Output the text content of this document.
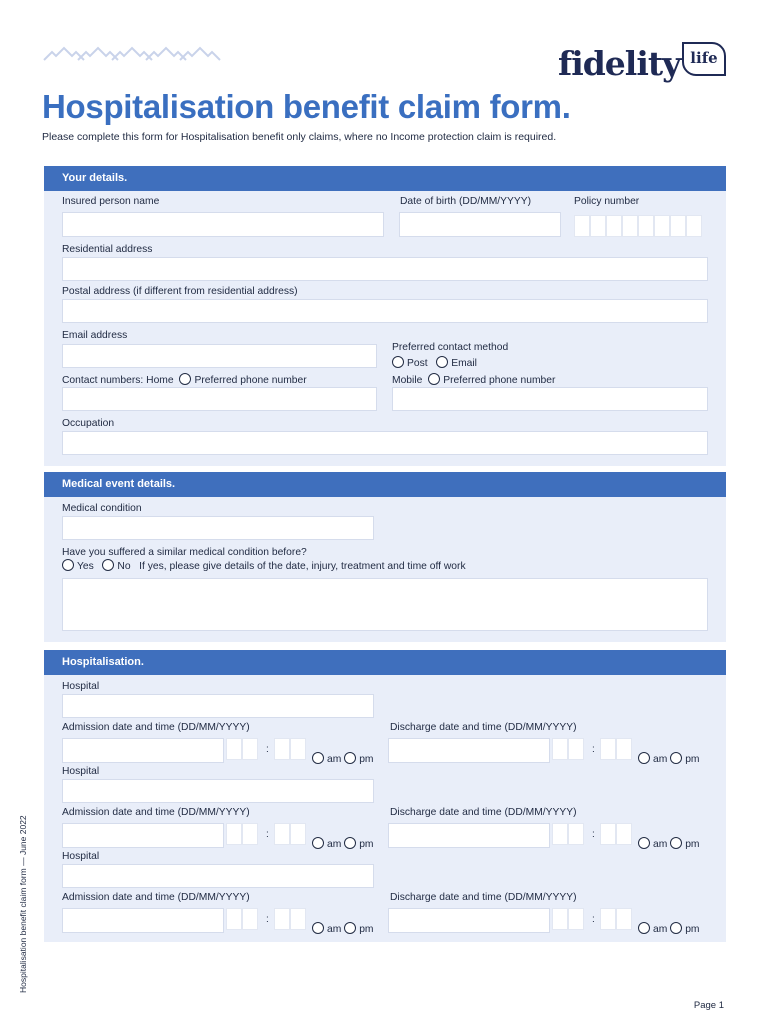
fidelity life
Hospitalisation benefit claim form.
Please complete this form for Hospitalisation benefit only claims, where no Income protection claim is required.
Your details.
Insured person name	Date of birth (DD/MM/YYYY)	Policy number
Residential address
Postal address (if different from residential address)
Email address
Preferred contact method
Post Email
Contact numbers: Home Preferred phone number	Mobile Preferred phone number
Occupation
Medical event details.
Medical condition
Have you suffered a similar medical condition before?
Yes No If yes, please give details of the date, injury, treatment and time off work
Hospitalisation.
Hospital
Admission date and time (DD/MM/YYYY)
:
am pm
Discharge date and time (DD/MM/YYYY)
:
am pm
Hospital
Admission date and time (DD/MM/YYYY)
:
am pm
Discharge date and time (DD/MM/YYYY)
:
am pm
Hospital
Admission date and time (DD/MM/YYYY)
:
am pm
Discharge date and time (DD/MM/YYYY)
:
am pm
Hospitalisation benefit claim form — June 2022
Page 1
